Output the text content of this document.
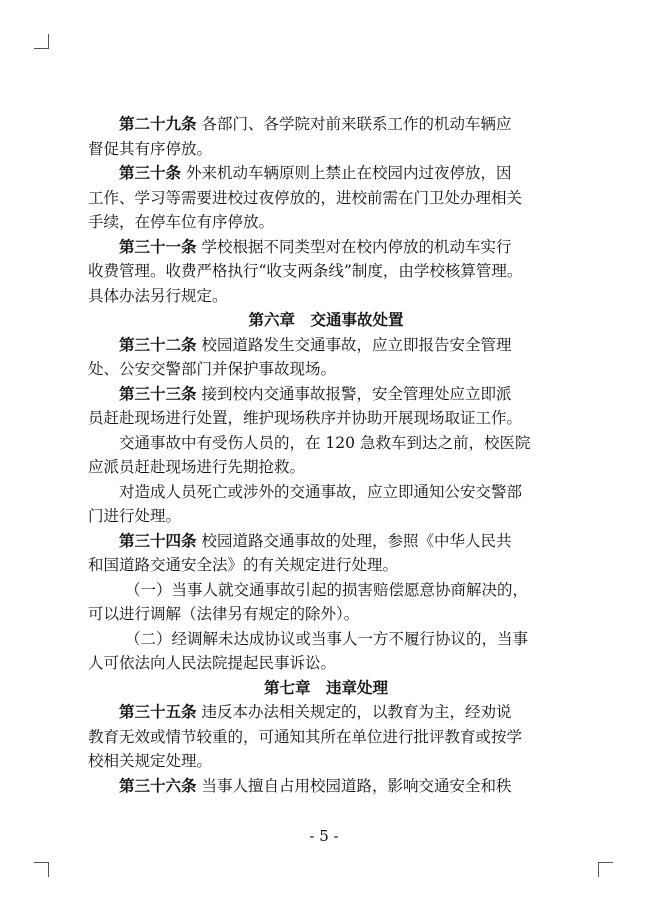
第二十九条 各部门、各学院对前来联系工作的机动车辆应
督促其有序停放。
第三十条 外来机动车辆原则上禁止在校园内过夜停放，因
工作、学习等需要进校过夜停放的，进校前需在门卫处办理相关
手续，在停车位有序停放。
第三十一条 学校根据不同类型对在校内停放的机动车实行
收费管理。收费严格执行“收支两条线”制度，由学校核算管理。
具体办法另行规定。
第六章　交通事故处置
第三十二条 校园道路发生交通事故，应立即报告安全管理
处、公安交警部门并保护事故现场。
第三十三条 接到校内交通事故报警，安全管理处应立即派
员赶赴现场进行处置，维护现场秩序并协助开展现场取证工作。
交通事故中有受伤人员的，在 120 急救车到达之前，校医院
应派员赶赴现场进行先期抢救。
对造成人员死亡或涉外的交通事故，应立即通知公安交警部
门进行处理。
第三十四条 校园道路交通事故的处理，参照《中华人民共
和国道路交通安全法》的有关规定进行处理。
（一）当事人就交通事故引起的损害赔偿愿意协商解决的，
可以进行调解（法律另有规定的除外）。
（二）经调解未达成协议或当事人一方不履行协议的，当事
人可依法向人民法院提起民事诉讼。
第七章　违章处理
第三十五条 违反本办法相关规定的，以教育为主，经劝说
教育无效或情节较重的，可通知其所在单位进行批评教育或按学
校相关规定处理。
第三十六条 当事人擅自占用校园道路，影响交通安全和秩
- 5 -
